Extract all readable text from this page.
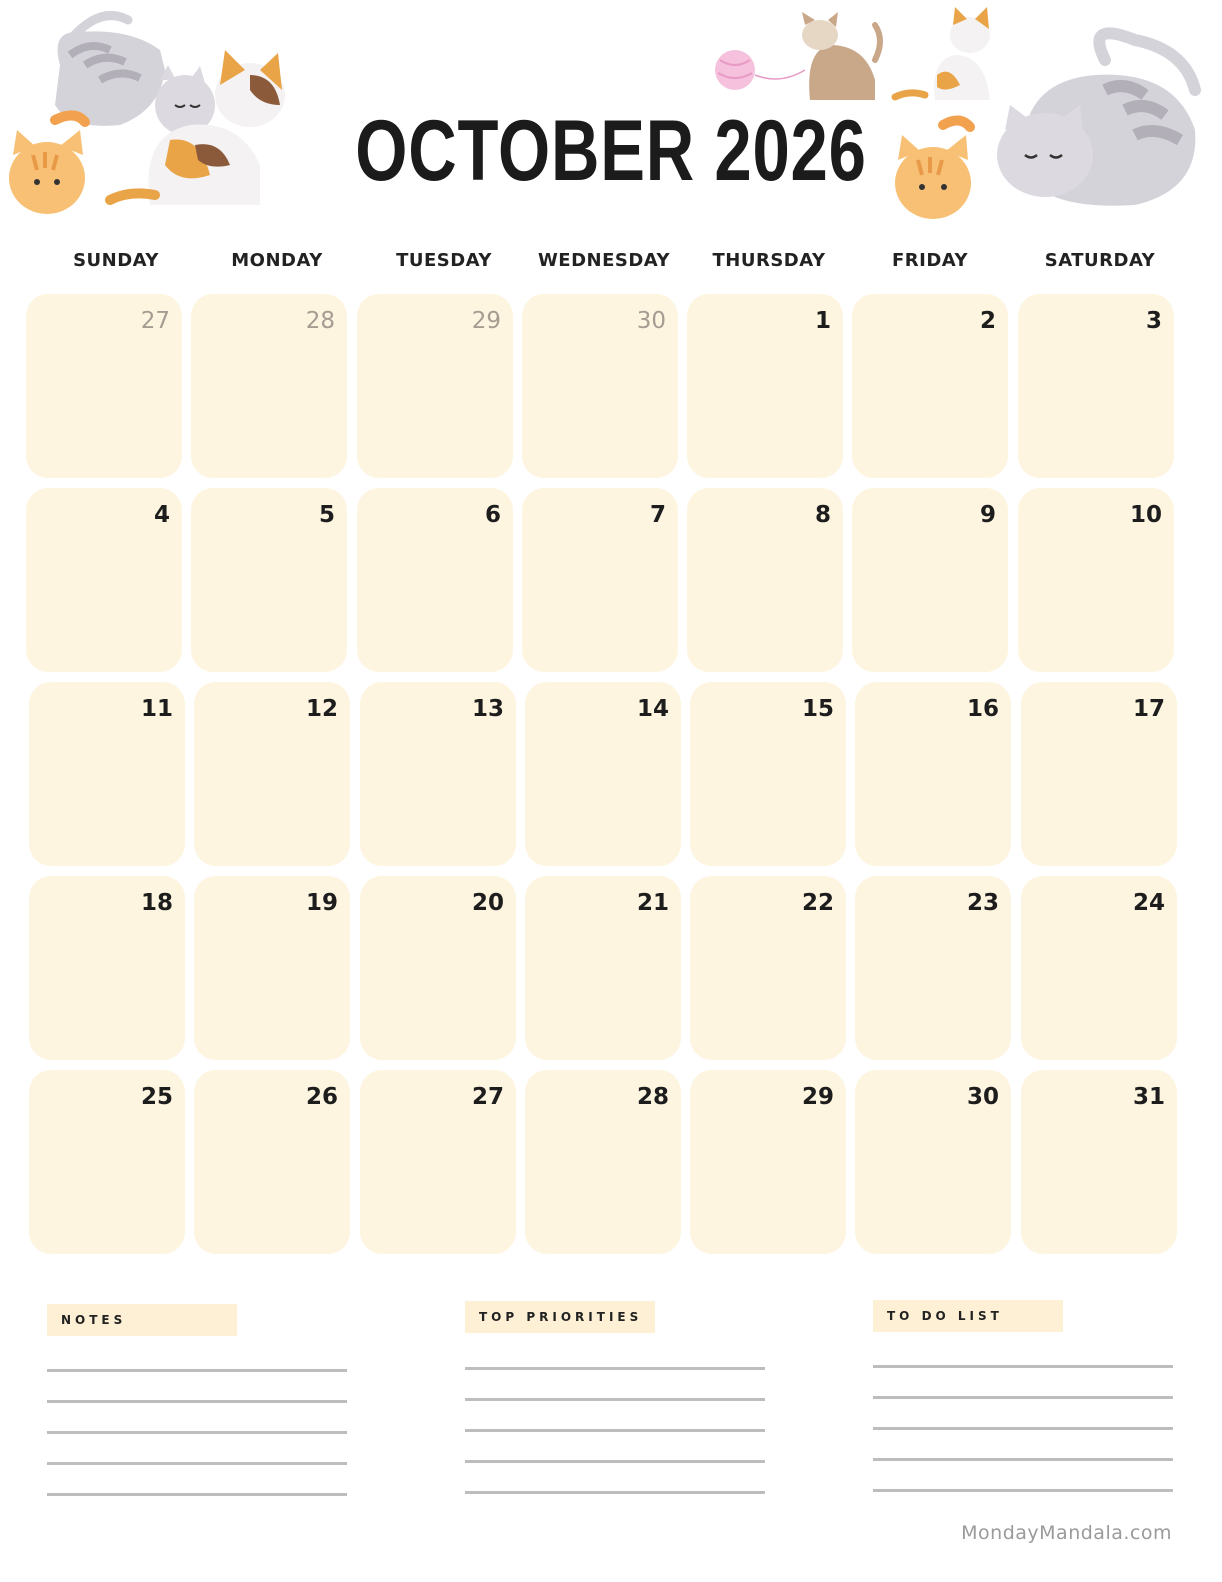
OCTOBER 2026
SUNDAY	MONDAY	TUESDAY	WEDNESDAY	THURSDAY	FRIDAY	SATURDAY
27	28	29	30	1	2	3
4	5	6	7	8	9	10
11	12	13	14	15	16	17
18	19	20	21	22	23	24
25	26	27	28	29	30	31
NOTES	TOP PRIORITIES	TO DO LIST
MondayMandala.com
